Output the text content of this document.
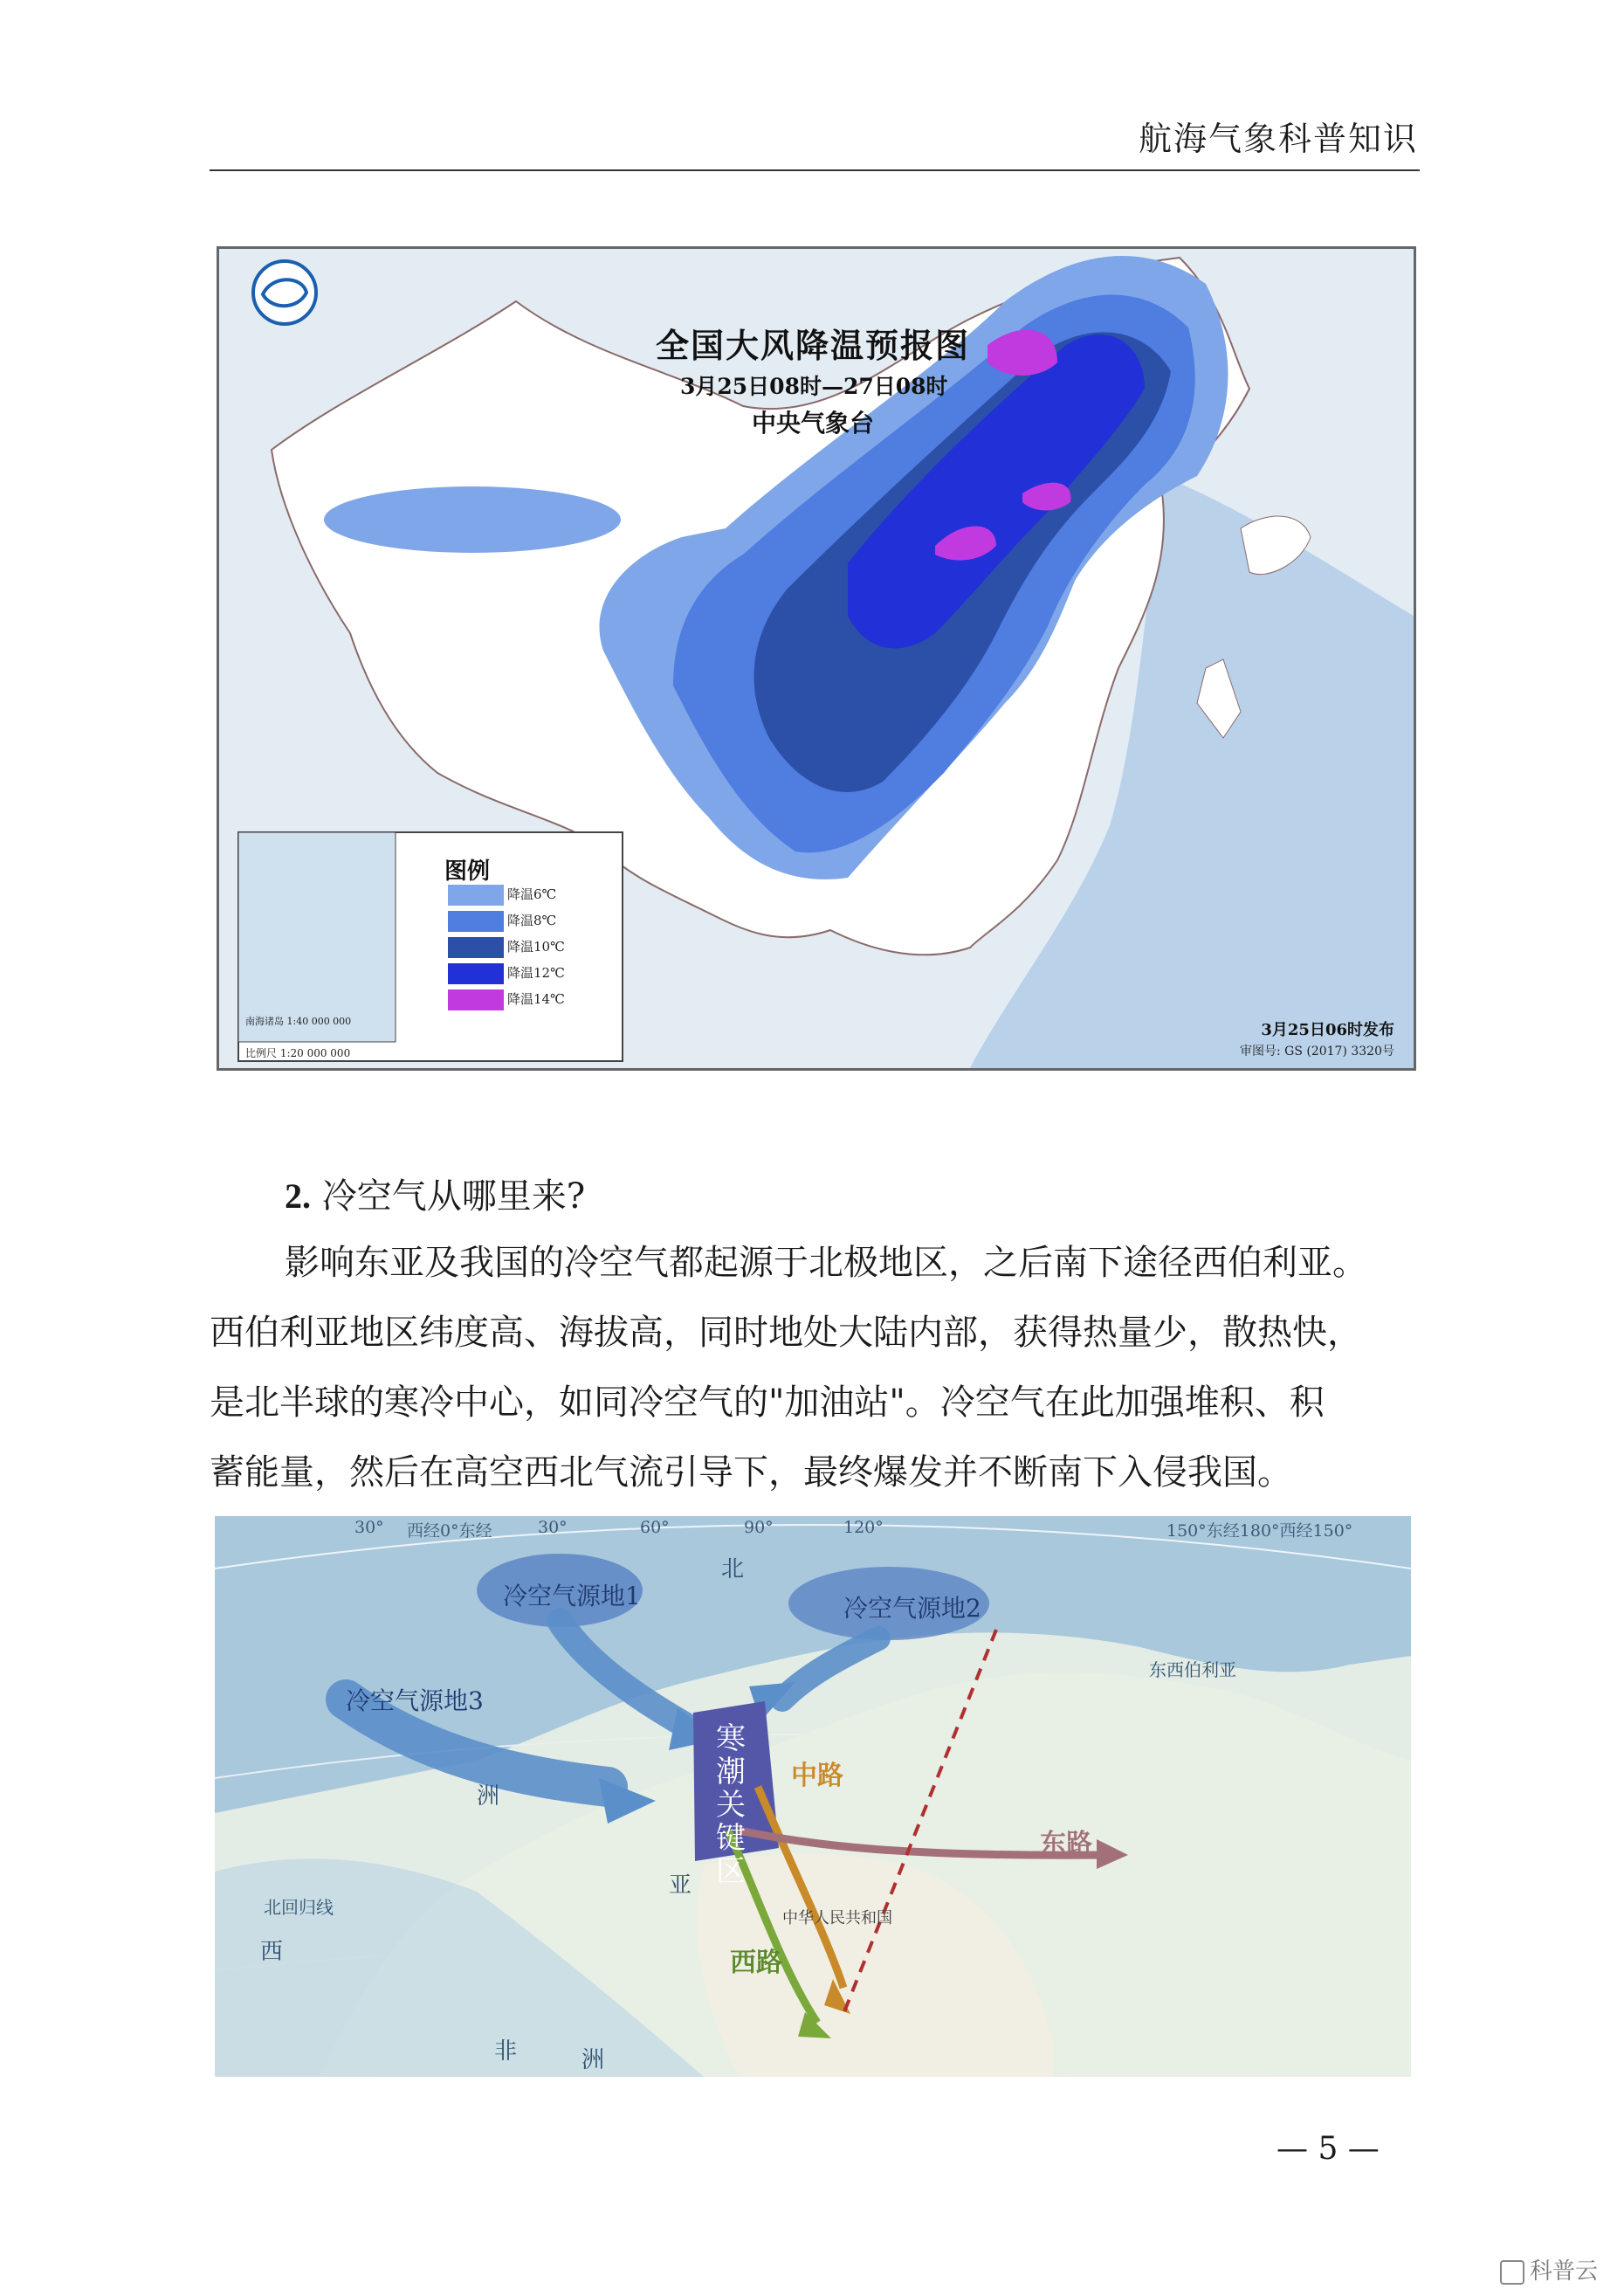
航海气象科普知识
全国大风降温预报图
3月25日08时—27日08时
中央气象台
图例
降温6℃
降温8℃
降温10℃
降温12℃
降温14℃
南海诸岛 1:40 000 000
比例尺 1:20 000 000
3月25日06时发布
审图号: GS (2017) 3320号
2. 冷空气从哪里来?
影响东亚及我国的冷空气都起源于北极地区，之后南下途径西伯利亚。
西伯利亚地区纬度高、海拔高，同时地处大陆内部，获得热量少，散热快，
是北半球的寒冷中心，如同冷空气的"加油站"。冷空气在此加强堆积、积
蓄能量，然后在高空西北气流引导下，最终爆发并不断南下入侵我国。
30° 西经0°东经	30°	60°	90°	120°	150°东经180°西经150°
冷空气源地1	冷空气源地2
冷空气源地3
寒潮关键区
中路
东路
西路
北
亚
西
非	洲
北回归线
东西伯利亚
中华人民共和国
洲
— 5 —
科普云
